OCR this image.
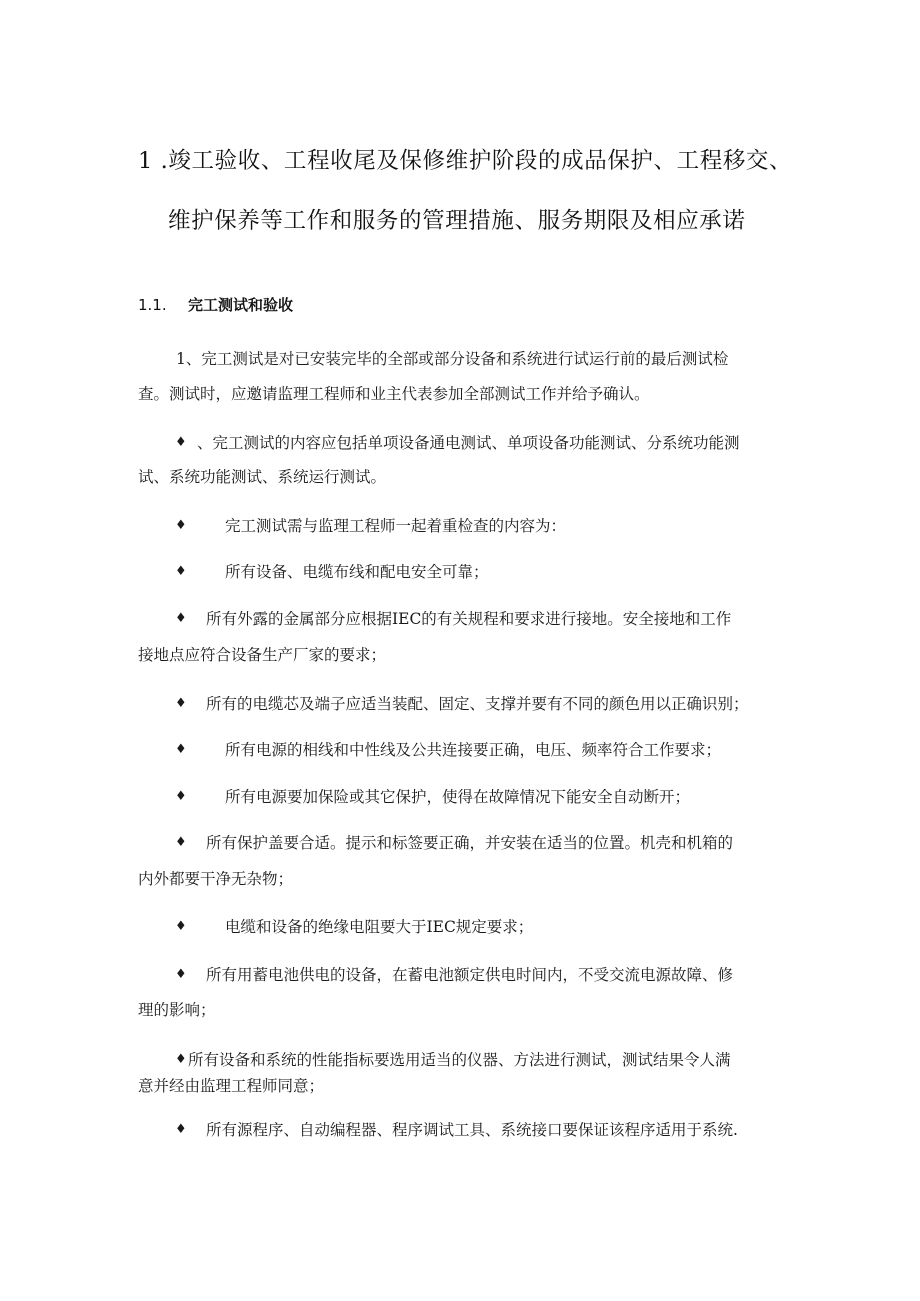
1 .竣工验收、工程收尾及保修维护阶段的成品保护、工程移交、
维护保养等工作和服务的管理措施、服务期限及相应承诺
1.1. 完工测试和验收
1、完工测试是对已安装完毕的全部或部分设备和系统进行试运行前的最后测试检
查。测试时，应邀请监理工程师和业主代表参加全部测试工作并给予确认。
♦ 、完工测试的内容应包括单项设备通电测试、单项设备功能测试、分系统功能测
试、系统功能测试、系统运行测试。
♦ 完工测试需与监理工程师一起着重检查的内容为：
♦ 所有设备、电缆布线和配电安全可靠；
♦ 所有外露的金属部分应根据IEC的有关规程和要求进行接地。安全接地和工作
接地点应符合设备生产厂家的要求；
♦ 所有的电缆芯及端子应适当装配、固定、支撑并要有不同的颜色用以正确识别；
♦ 所有电源的相线和中性线及公共连接要正确，电压、频率符合工作要求；
♦ 所有电源要加保险或其它保护，使得在故障情况下能安全自动断开；
♦ 所有保护盖要合适。提示和标签要正确，并安装在适当的位置。机壳和机箱的
内外都要干净无杂物；
♦ 电缆和设备的绝缘电阻要大于IEC规定要求；
♦ 所有用蓄电池供电的设备，在蓄电池额定供电时间内，不受交流电源故障、修
理的影响；
♦ 所有设备和系统的性能指标要选用适当的仪器、方法进行测试，测试结果令人满
意并经由监理工程师同意；
♦ 所有源程序、自动编程器、程序调试工具、系统接口要保证该程序适用于系统.
